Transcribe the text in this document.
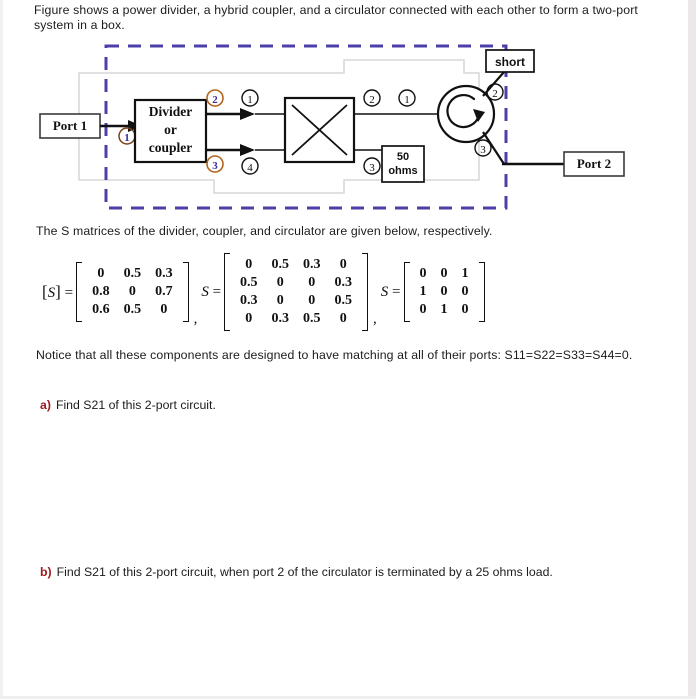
Figure shows a power divider, a hybrid coupler, and a circulator connected with each other to form a two-port system in a box.
Port 1
1
Divider
or
coupler
2
3
1
4
2	1
3
50
ohms
2
short
3
Port 2
The S matrices of the divider, coupler, and circulator are given below, respectively.
[S] =
0	0.5	0.3
0.8	0	0.7
0.6	0.5	0
,
S =
0	0.5	0.3	0
0.5	0	0	0.3
0.3	0	0	0.5
0	0.3	0.5	0	,
S =
0	0	1
1	0	0
0	1	0
Notice that all these components are designed to have matching at all of their ports: S11=S22=S33=S44=0.
a) Find S21 of this 2-port circuit.
b) Find S21 of this 2-port circuit, when port 2 of the circulator is terminated by a 25 ohms load.
